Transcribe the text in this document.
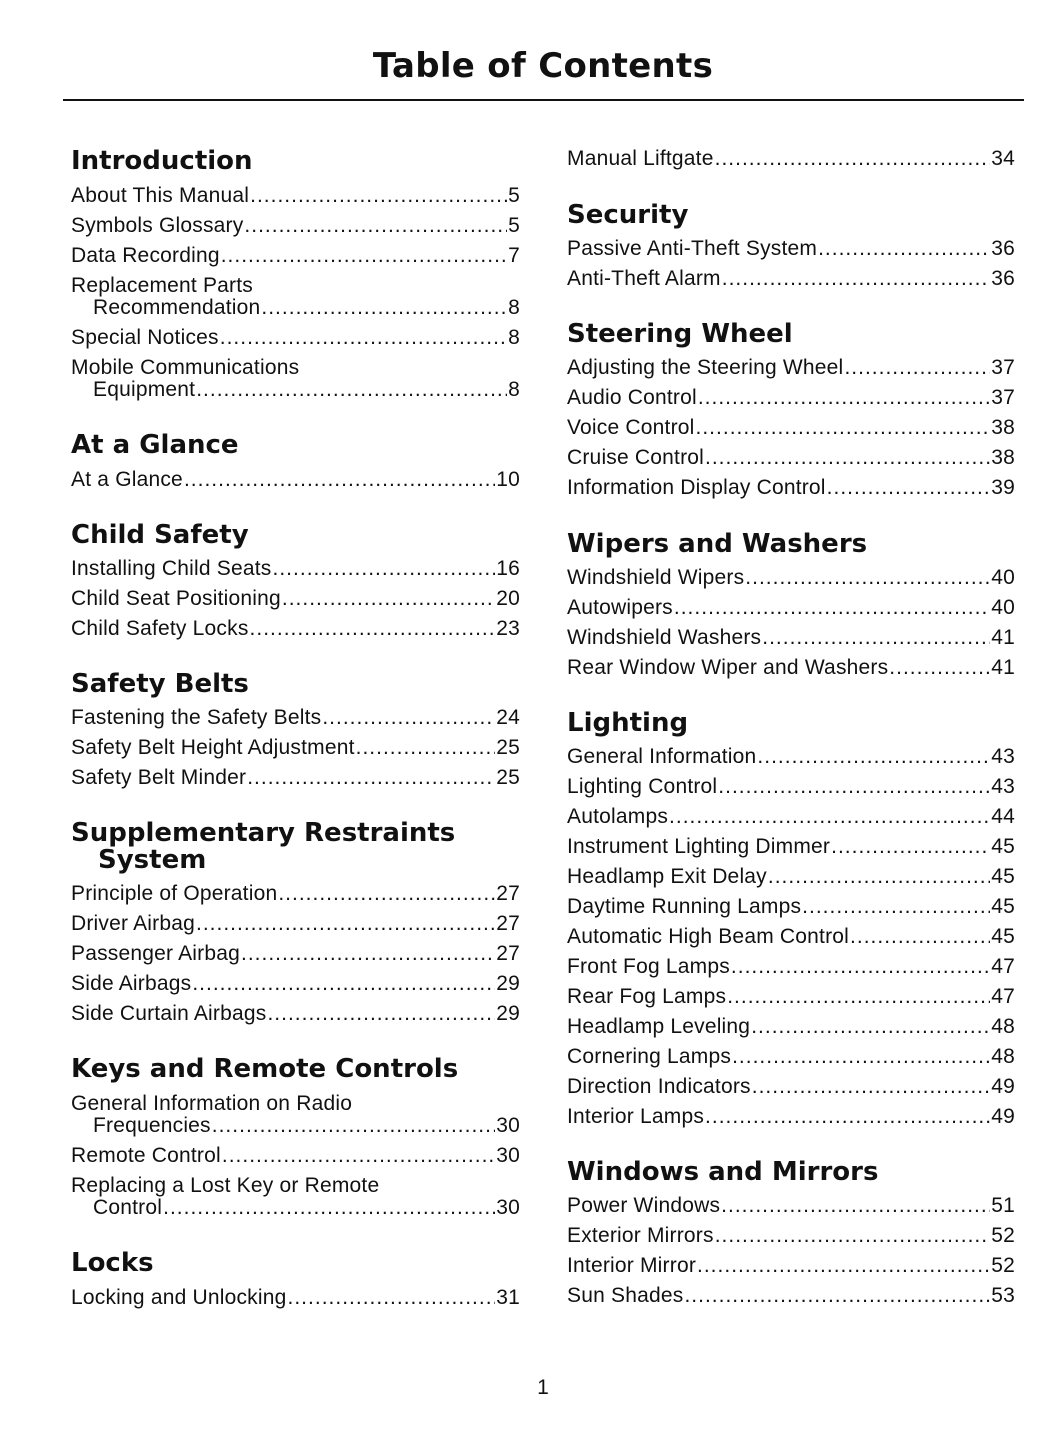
Table of Contents
Introduction
About This Manual .....	5
Symbols Glossary .....	5
Data Recording .....	7
Replacement Parts
Recommendation .....	8
Special Notices .....	8
Mobile Communications
Equipment .....	8
At a Glance
At a Glance .....	10
Child Safety
Installing Child Seats .....	16
Child Seat Positioning .....	20
Child Safety Locks .....	23
Safety Belts
Fastening the Safety Belts .....	24
Safety Belt Height Adjustment .....	25
Safety Belt Minder .....	25
Supplementary Restraints
System
Principle of Operation .....	27
Driver Airbag .....	27
Passenger Airbag .....	27
Side Airbags .....	29
Side Curtain Airbags .....	29
Keys and Remote Controls
General Information on Radio
Frequencies .....	30
Remote Control .....	30
Replacing a Lost Key or Remote
Control .....	30
Locks
Locking and Unlocking .....	31
Manual Liftgate .....	34
Security
Passive Anti-Theft System .....	36
Anti-Theft Alarm .....	36
Steering Wheel
Adjusting the Steering Wheel .....	37
Audio Control .....	37
Voice Control .....	38
Cruise Control .....	38
Information Display Control .....	39
Wipers and Washers
Windshield Wipers .....	40
Autowipers .....	40
Windshield Washers .....	41
Rear Window Wiper and Washers .....	41
Lighting
General Information .....	43
Lighting Control .....	43
Autolamps .....	44
Instrument Lighting Dimmer .....	45
Headlamp Exit Delay .....	45
Daytime Running Lamps .....	45
Automatic High Beam Control .....	45
Front Fog Lamps .....	47
Rear Fog Lamps .....	47
Headlamp Leveling .....	48
Cornering Lamps .....	48
Direction Indicators .....	49
Interior Lamps .....	49
Windows and Mirrors
Power Windows .....	51
Exterior Mirrors .....	52
Interior Mirror .....	52
Sun Shades .....	53
1
